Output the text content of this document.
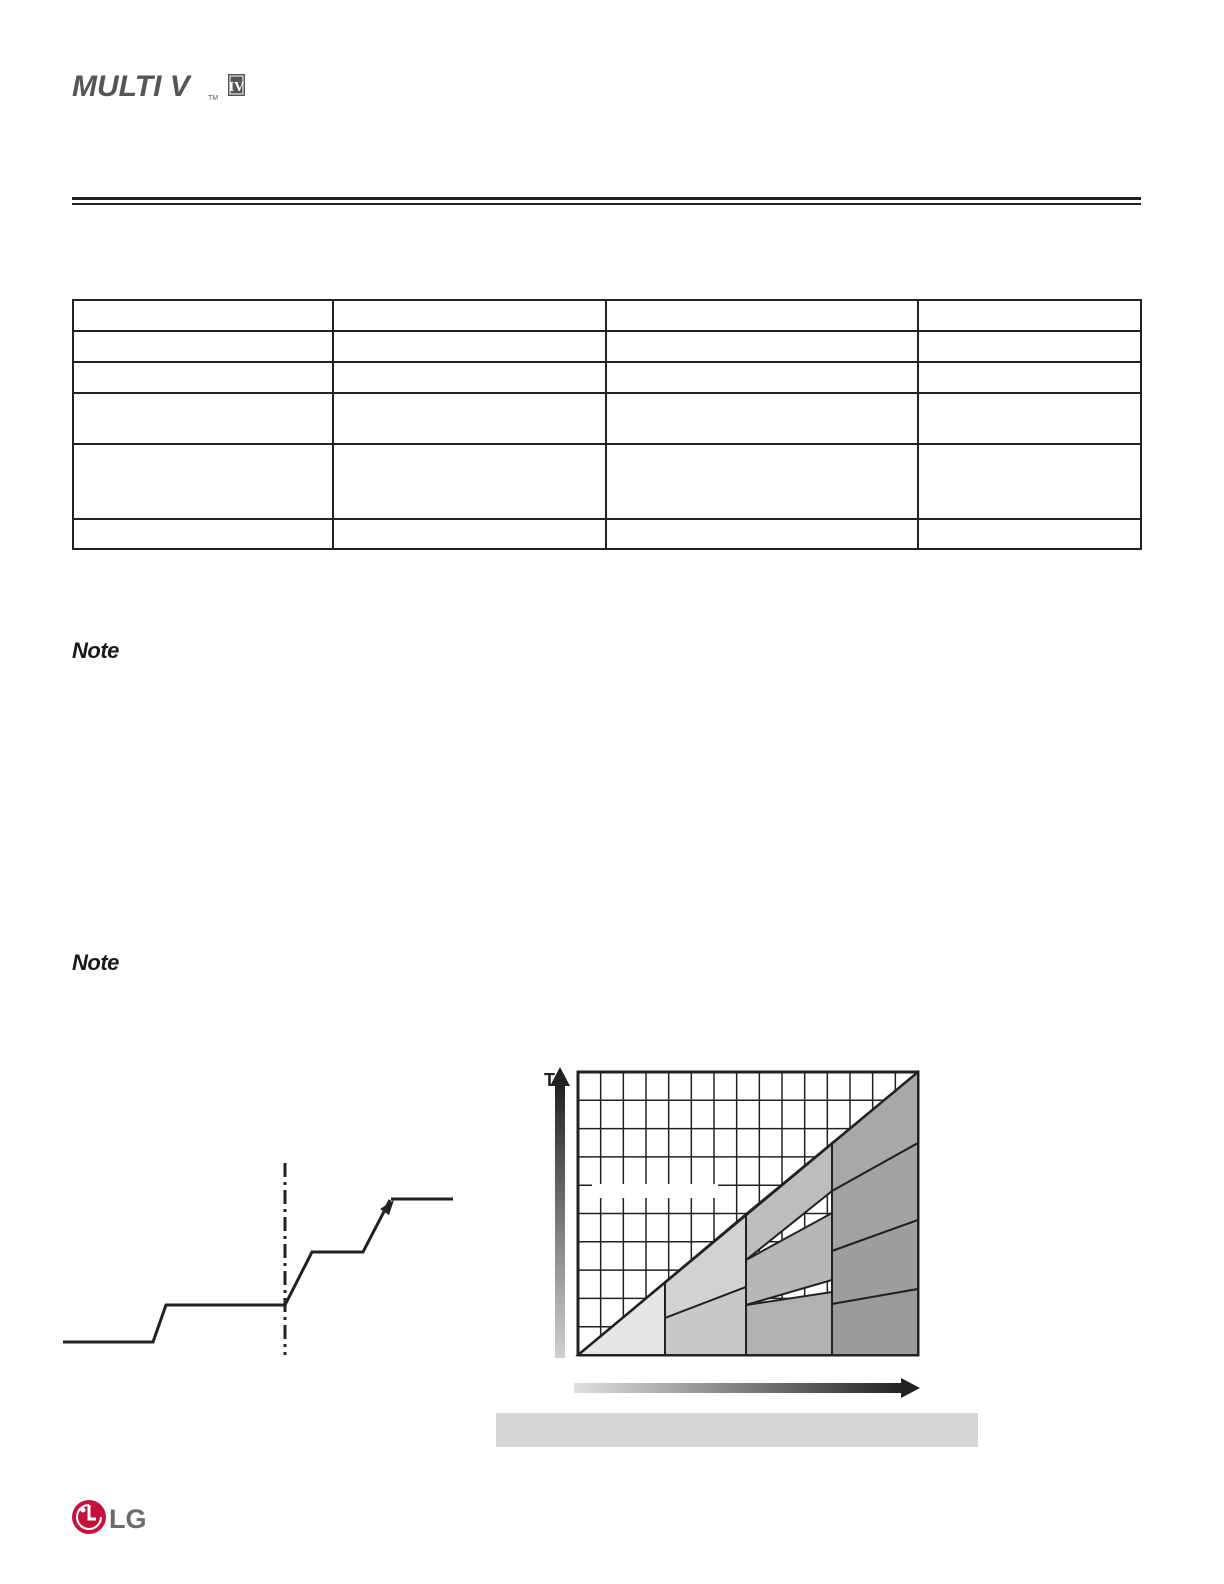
MULTI V	TM
IV

Note
Note
T
LG
